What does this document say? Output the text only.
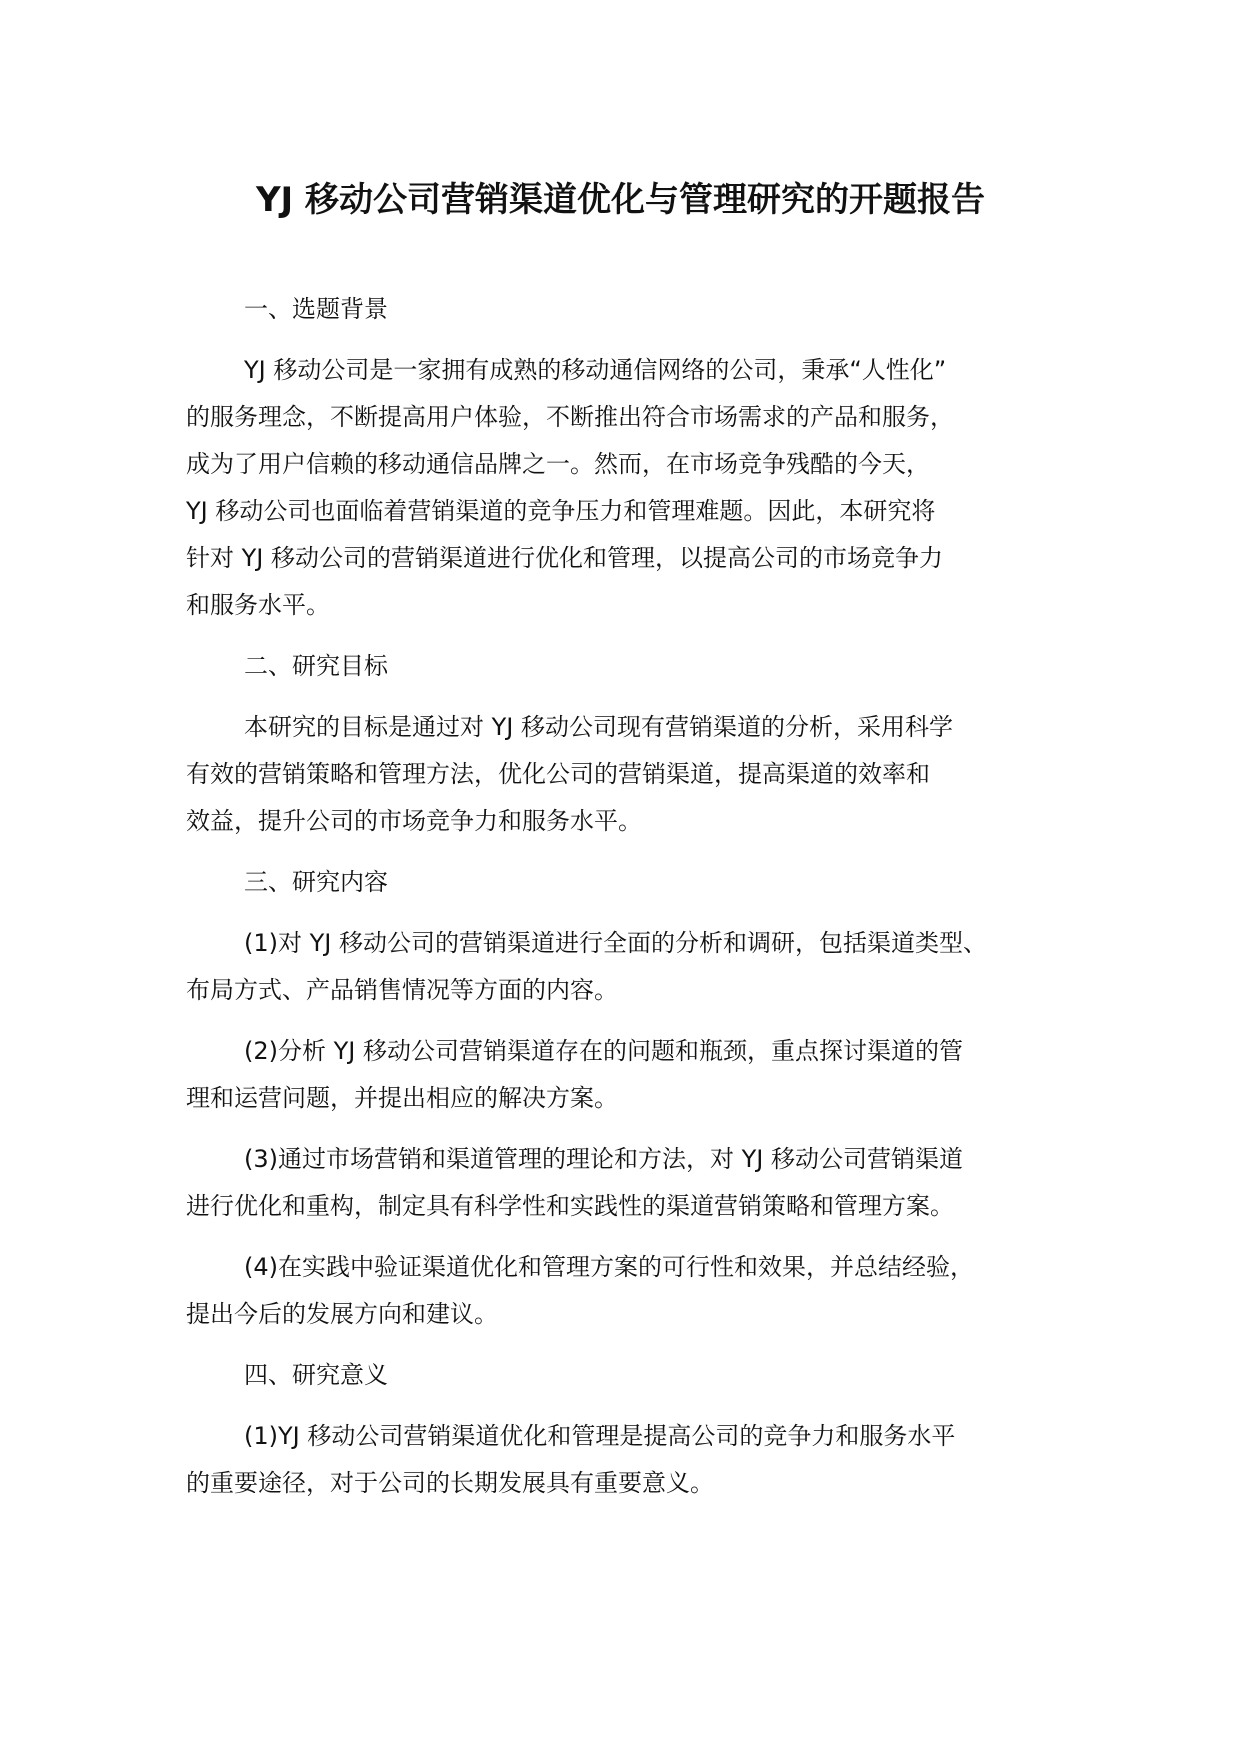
YJ 移动公司营销渠道优化与管理研究的开题报告
一、选题背景
YJ 移动公司是一家拥有成熟的移动通信网络的公司，秉承“人性化”
的服务理念，不断提高用户体验，不断推出符合市场需求的产品和服务，
成为了用户信赖的移动通信品牌之一。然而，在市场竞争残酷的今天，
YJ 移动公司也面临着营销渠道的竞争压力和管理难题。因此，本研究将
针对 YJ 移动公司的营销渠道进行优化和管理，以提高公司的市场竞争力
和服务水平。
二、研究目标
本研究的目标是通过对 YJ 移动公司现有营销渠道的分析，采用科学
有效的营销策略和管理方法，优化公司的营销渠道，提高渠道的效率和
效益，提升公司的市场竞争力和服务水平。
三、研究内容
(1)对 YJ 移动公司的营销渠道进行全面的分析和调研，包括渠道类型、
布局方式、产品销售情况等方面的内容。
(2)分析 YJ 移动公司营销渠道存在的问题和瓶颈，重点探讨渠道的管
理和运营问题，并提出相应的解决方案。
(3)通过市场营销和渠道管理的理论和方法，对 YJ 移动公司营销渠道
进行优化和重构，制定具有科学性和实践性的渠道营销策略和管理方案。
(4)在实践中验证渠道优化和管理方案的可行性和效果，并总结经验，
提出今后的发展方向和建议。
四、研究意义
(1)YJ 移动公司营销渠道优化和管理是提高公司的竞争力和服务水平
的重要途径，对于公司的长期发展具有重要意义。
